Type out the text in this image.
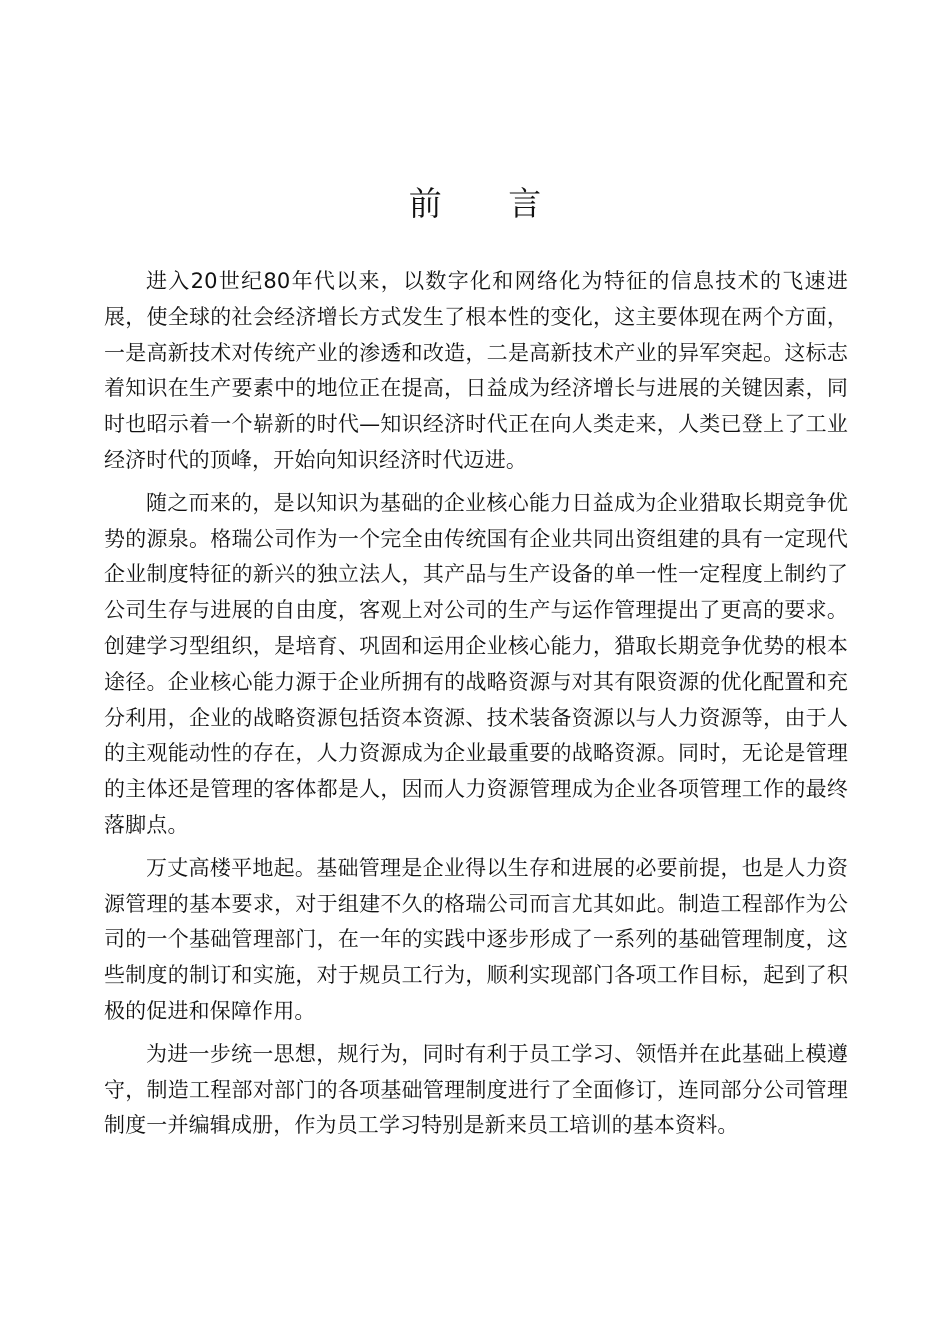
前 言

进入20世纪80年代以来，以数字化和网络化为特征的信息技术的飞速进展，使全球的社会经济增长方式发生了根本性的变化，这主要体现在两个方面，一是高新技术对传统产业的渗透和改造，二是高新技术产业的异军突起。这标志着知识在生产要素中的地位正在提高，日益成为经济增长与进展的关键因素，同时也昭示着一个崭新的时代—知识经济时代正在向人类走来，人类已登上了工业经济时代的顶峰，开始向知识经济时代迈进。

随之而来的，是以知识为基础的企业核心能力日益成为企业猎取长期竞争优势的源泉。格瑞公司作为一个完全由传统国有企业共同出资组建的具有一定现代企业制度特征的新兴的独立法人，其产品与生产设备的单一性一定程度上制约了公司生存与进展的自由度，客观上对公司的生产与运作管理提出了更高的要求。创建学习型组织，是培育、巩固和运用企业核心能力，猎取长期竞争优势的根本途径。企业核心能力源于企业所拥有的战略资源与对其有限资源的优化配置和充分利用，企业的战略资源包括资本资源、技术装备资源以与人力资源等，由于人的主观能动性的存在，人力资源成为企业最重要的战略资源。同时，无论是管理的主体还是管理的客体都是人，因而人力资源管理成为企业各项管理工作的最终落脚点。

万丈高楼平地起。基础管理是企业得以生存和进展的必要前提，也是人力资源管理的基本要求，对于组建不久的格瑞公司而言尤其如此。制造工程部作为公司的一个基础管理部门，在一年的实践中逐步形成了一系列的基础管理制度，这些制度的制订和实施，对于规员工行为，顺利实现部门各项工作目标，起到了积极的促进和保障作用。

为进一步统一思想，规行为，同时有利于员工学习、领悟并在此基础上模遵守，制造工程部对部门的各项基础管理制度进行了全面修订，连同部分公司管理制度一并编辑成册，作为员工学习特别是新来员工培训的基本资料。
